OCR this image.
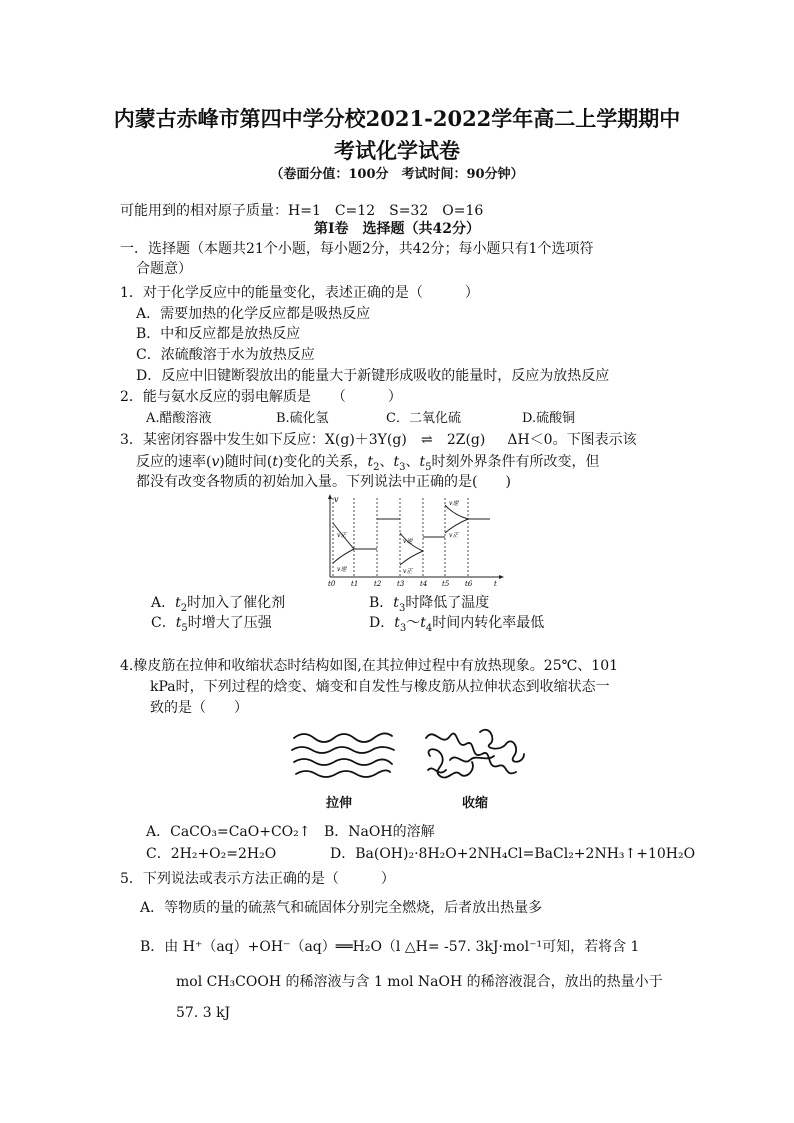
内蒙古赤峰市第四中学分校2021-2022学年高二上学期期中
考试化学试卷
（卷面分值：100分　考试时间：90分钟）
可能用到的相对原子质量：H=1　C=12　S=32　O=16
第Ⅰ卷　选择题（共42分）
一．选择题（本题共21个小题，每小题2分，共42分；每小题只有1个选项符
合题意）
1．对于化学反应中的能量变化，表述正确的是（　　　）
A．需要加热的化学反应都是吸热反应
B．中和反应都是放热反应
C．浓硫酸溶于水为放热反应
D．反应中旧键断裂放出的能量大于新键形成吸收的能量时，反应为放热反应
2．能与氨水反应的弱电解质是　　（　　　）
A.醋酸溶液	B.硫化氢	C．二氧化硫	D.硫酸铜
3．某密闭容器中发生如下反应：X(g)＋3Y(g) ⇌ 2Z(g) ΔH＜0。下图表示该
反应的速率(v)随时间(t)变化的关系，$t_2$、$t_3$、$t_5$时刻外界条件有所改变，但
都没有改变各物质的初始加入量。下列说法中正确的是(　　)
v
v正
v逆
v逆
v正
v逆
v正
t0 t1 t2 t3 t4 t5 t6	t
A．$t_2$时加入了催化剂	B．$t_3$时降低了温度
C．$t_5$时增大了压强	D．$t_3\sim t_4$时间内转化率最低
4.橡皮筋在拉伸和收缩状态时结构如图,在其拉伸过程中有放热现象。25℃、101
kPa时，下列过程的焓变、熵变和自发性与橡皮筋从拉伸状态到收缩状态一
致的是（　　）
拉伸	收缩
A．CaCO₃=CaO+CO₂↑ B．NaOH的溶解
C．2H₂+O₂=2H₂O	D．Ba(OH)₂·8H₂O+2NH₄Cl=BaCl₂+2NH₃↑+10H₂O
5．下列说法或表示方法正确的是（　　　）
A．等物质的量的硫蒸气和硫固体分别完全燃烧，后者放出热量多
B．由 H⁺（aq）+OH⁻（aq）══H₂O（l △H= -57. 3kJ·mol⁻¹可知，若将含 1
mol CH₃COOH 的稀溶液与含 1 mol NaOH 的稀溶液混合，放出的热量小于
57. 3 kJ
